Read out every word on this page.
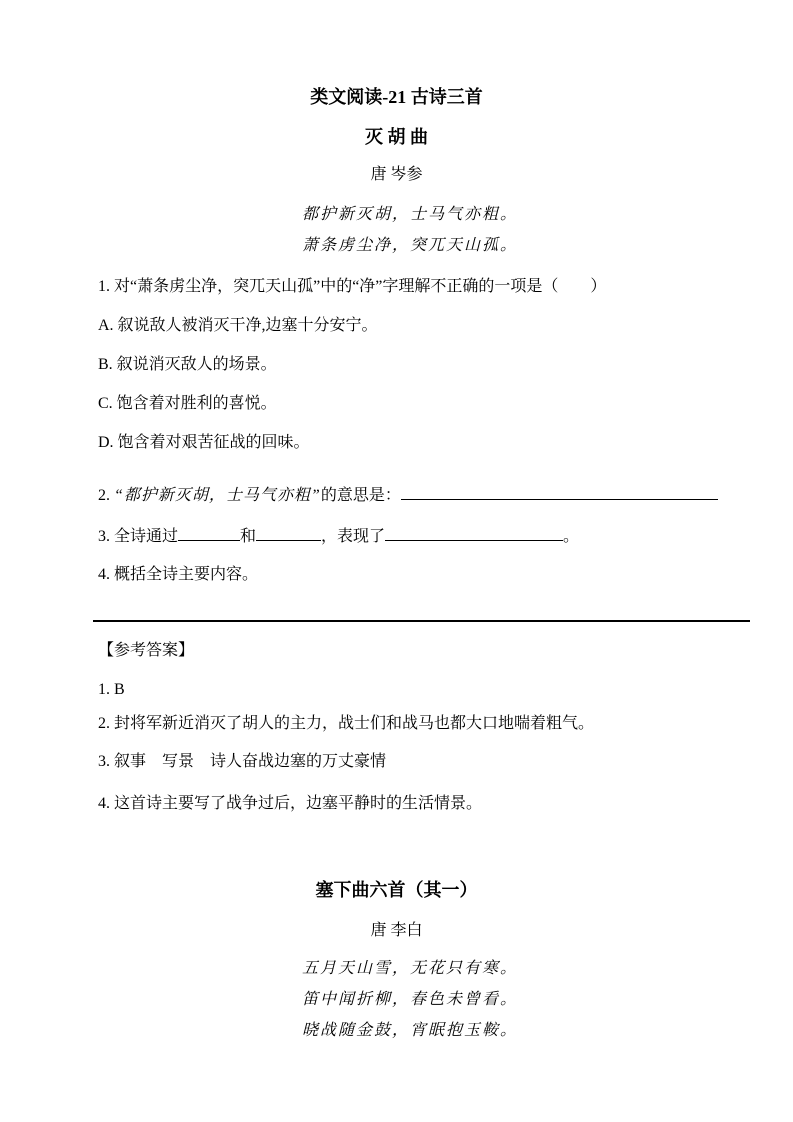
类文阅读-21 古诗三首
灭 胡 曲
唐 岑参
都护新灭胡，士马气亦粗。
萧条虏尘净，突兀天山孤。
1. 对“萧条虏尘净，突兀天山孤”中的“净”字理解不正确的一项是（　　）
A. 叙说敌人被消灭干净,边塞十分安宁。
B. 叙说消灭敌人的场景。
C. 饱含着对胜利的喜悦。
D. 饱含着对艰苦征战的回味。
2. “都护新灭胡，士马气亦粗”的意思是：
3. 全诗通过	和	，表现了	。
4. 概括全诗主要内容。
【参考答案】
1. B
2. 封将军新近消灭了胡人的主力，战士们和战马也都大口地喘着粗气。
3. 叙事　写景　诗人奋战边塞的万丈豪情
4. 这首诗主要写了战争过后，边塞平静时的生活情景。
塞下曲六首（其一）
唐 李白
五月天山雪，无花只有寒。
笛中闻折柳，春色未曾看。
晓战随金鼓，宵眠抱玉鞍。
